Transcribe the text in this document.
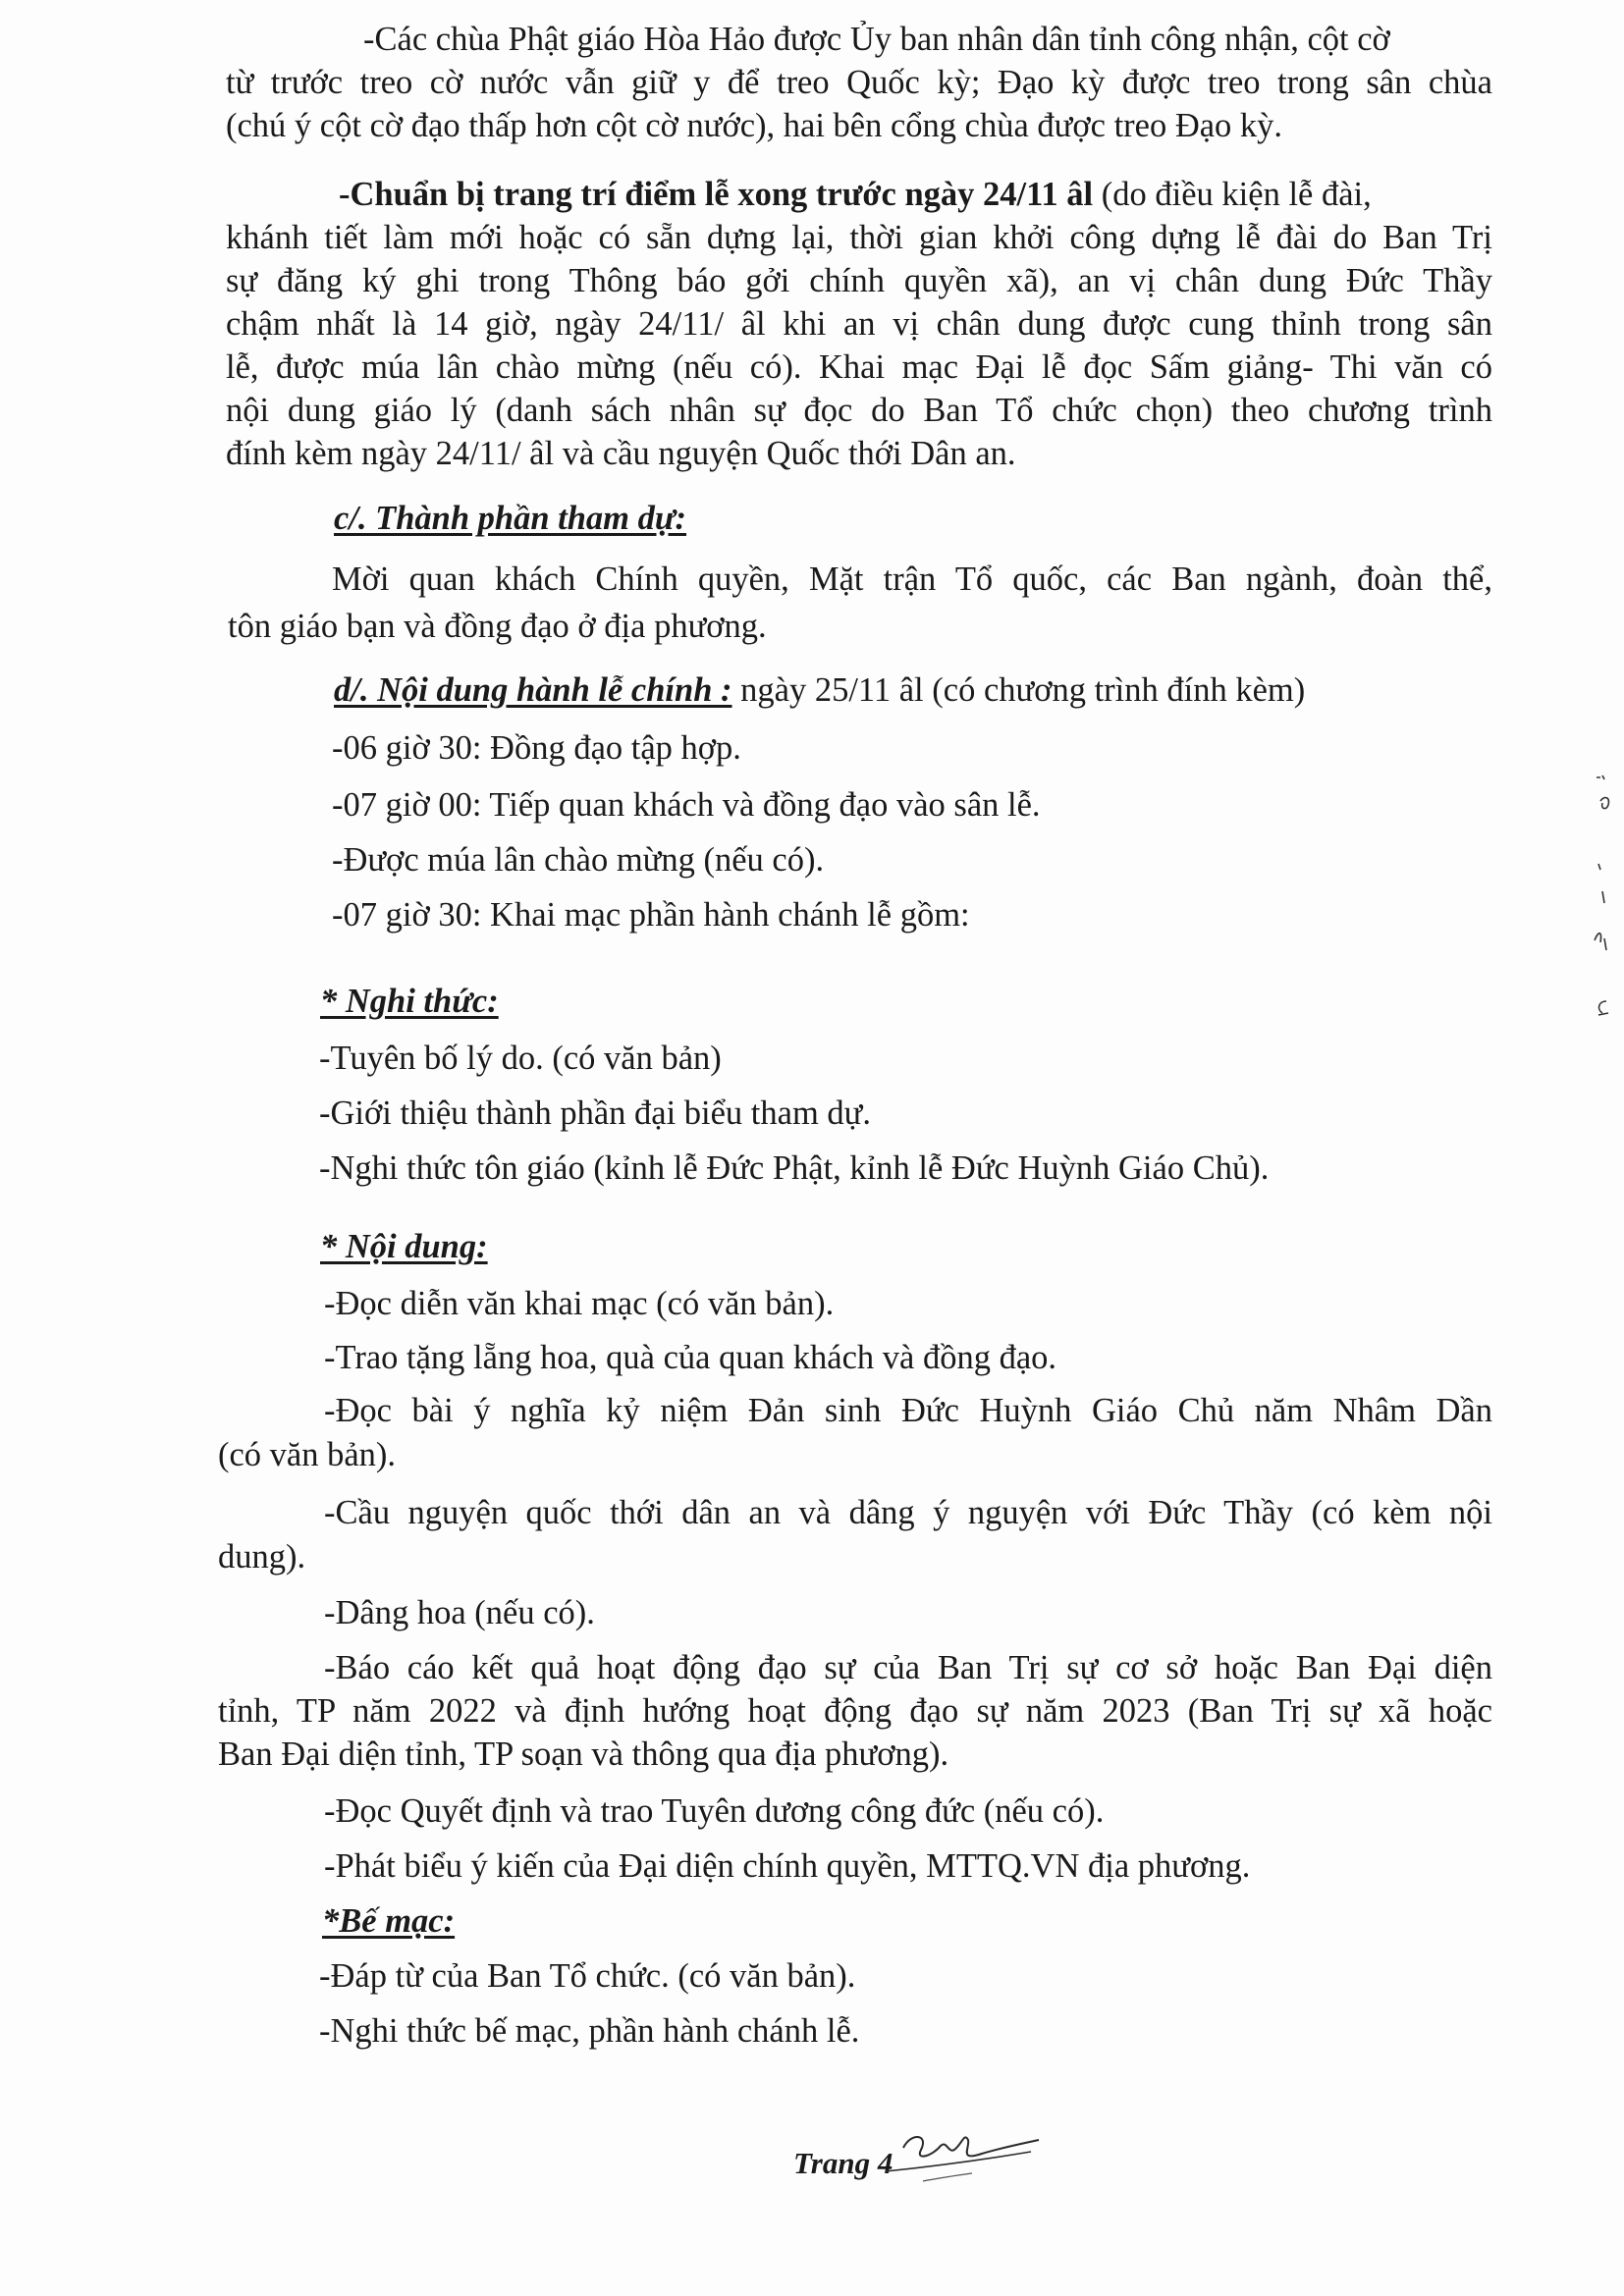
-Các chùa Phật giáo Hòa Hảo được Ủy ban nhân dân tỉnh công nhận, cột cờ
từ trước treo cờ nước vẫn giữ y để treo Quốc kỳ; Đạo kỳ được treo trong sân chùa
(chú ý cột cờ đạo thấp hơn cột cờ nước), hai bên cổng chùa được treo Đạo kỳ.
-Chuẩn bị trang trí điểm lễ xong trước ngày 24/11 âl (do điều kiện lễ đài,
khánh tiết làm mới hoặc có sẵn dựng lại, thời gian khởi công dựng lễ đài do Ban Trị
sự đăng ký ghi trong Thông báo gởi chính quyền xã), an vị chân dung Đức Thầy
chậm nhất là 14 giờ, ngày 24/11/ âl khi an vị chân dung được cung thỉnh trong sân
lễ, được múa lân chào mừng (nếu có). Khai mạc Đại lễ đọc Sấm giảng- Thi văn có
nội dung giáo lý (danh sách nhân sự đọc do Ban Tổ chức chọn) theo chương trình
đính kèm ngày 24/11/ âl và cầu nguyện Quốc thới Dân an.
c/. Thành phần tham dự:
Mời quan khách Chính quyền, Mặt trận Tổ quốc, các Ban ngành, đoàn thể,
tôn giáo bạn và đồng đạo ở địa phương.
d/. Nội dung hành lễ chính : ngày 25/11 âl (có chương trình đính kèm)
-06 giờ 30: Đồng đạo tập hợp.
-07 giờ 00: Tiếp quan khách và đồng đạo vào sân lễ.
-Được múa lân chào mừng (nếu có).
-07 giờ 30: Khai mạc phần hành chánh lễ gồm:
* Nghi thức:
-Tuyên bố lý do. (có văn bản)
-Giới thiệu thành phần đại biểu tham dự.
-Nghi thức tôn giáo (kỉnh lễ Đức Phật, kỉnh lễ Đức Huỳnh Giáo Chủ).
* Nội dung:
-Đọc diễn văn khai mạc (có văn bản).
-Trao tặng lẵng hoa, quà của quan khách và đồng đạo.
-Đọc bài ý nghĩa kỷ niệm Đản sinh Đức Huỳnh Giáo Chủ năm Nhâm Dần
(có văn bản).
-Cầu nguyện quốc thới dân an và dâng ý nguyện với Đức Thầy (có kèm nội
dung).
-Dâng hoa (nếu có).
-Báo cáo kết quả hoạt động đạo sự của Ban Trị sự cơ sở hoặc Ban Đại diện
tỉnh, TP năm 2022 và định hướng hoạt động đạo sự năm 2023 (Ban Trị sự xã hoặc
Ban Đại diện tỉnh, TP soạn và thông qua địa phương).
-Đọc Quyết định và trao Tuyên dương công đức (nếu có).
-Phát biểu ý kiến của Đại diện chính quyền, MTTQ.VN địa phương.
*Bế mạc:
-Đáp từ của Ban Tổ chức. (có văn bản).
-Nghi thức bế mạc, phần hành chánh lễ.
Trang 4
